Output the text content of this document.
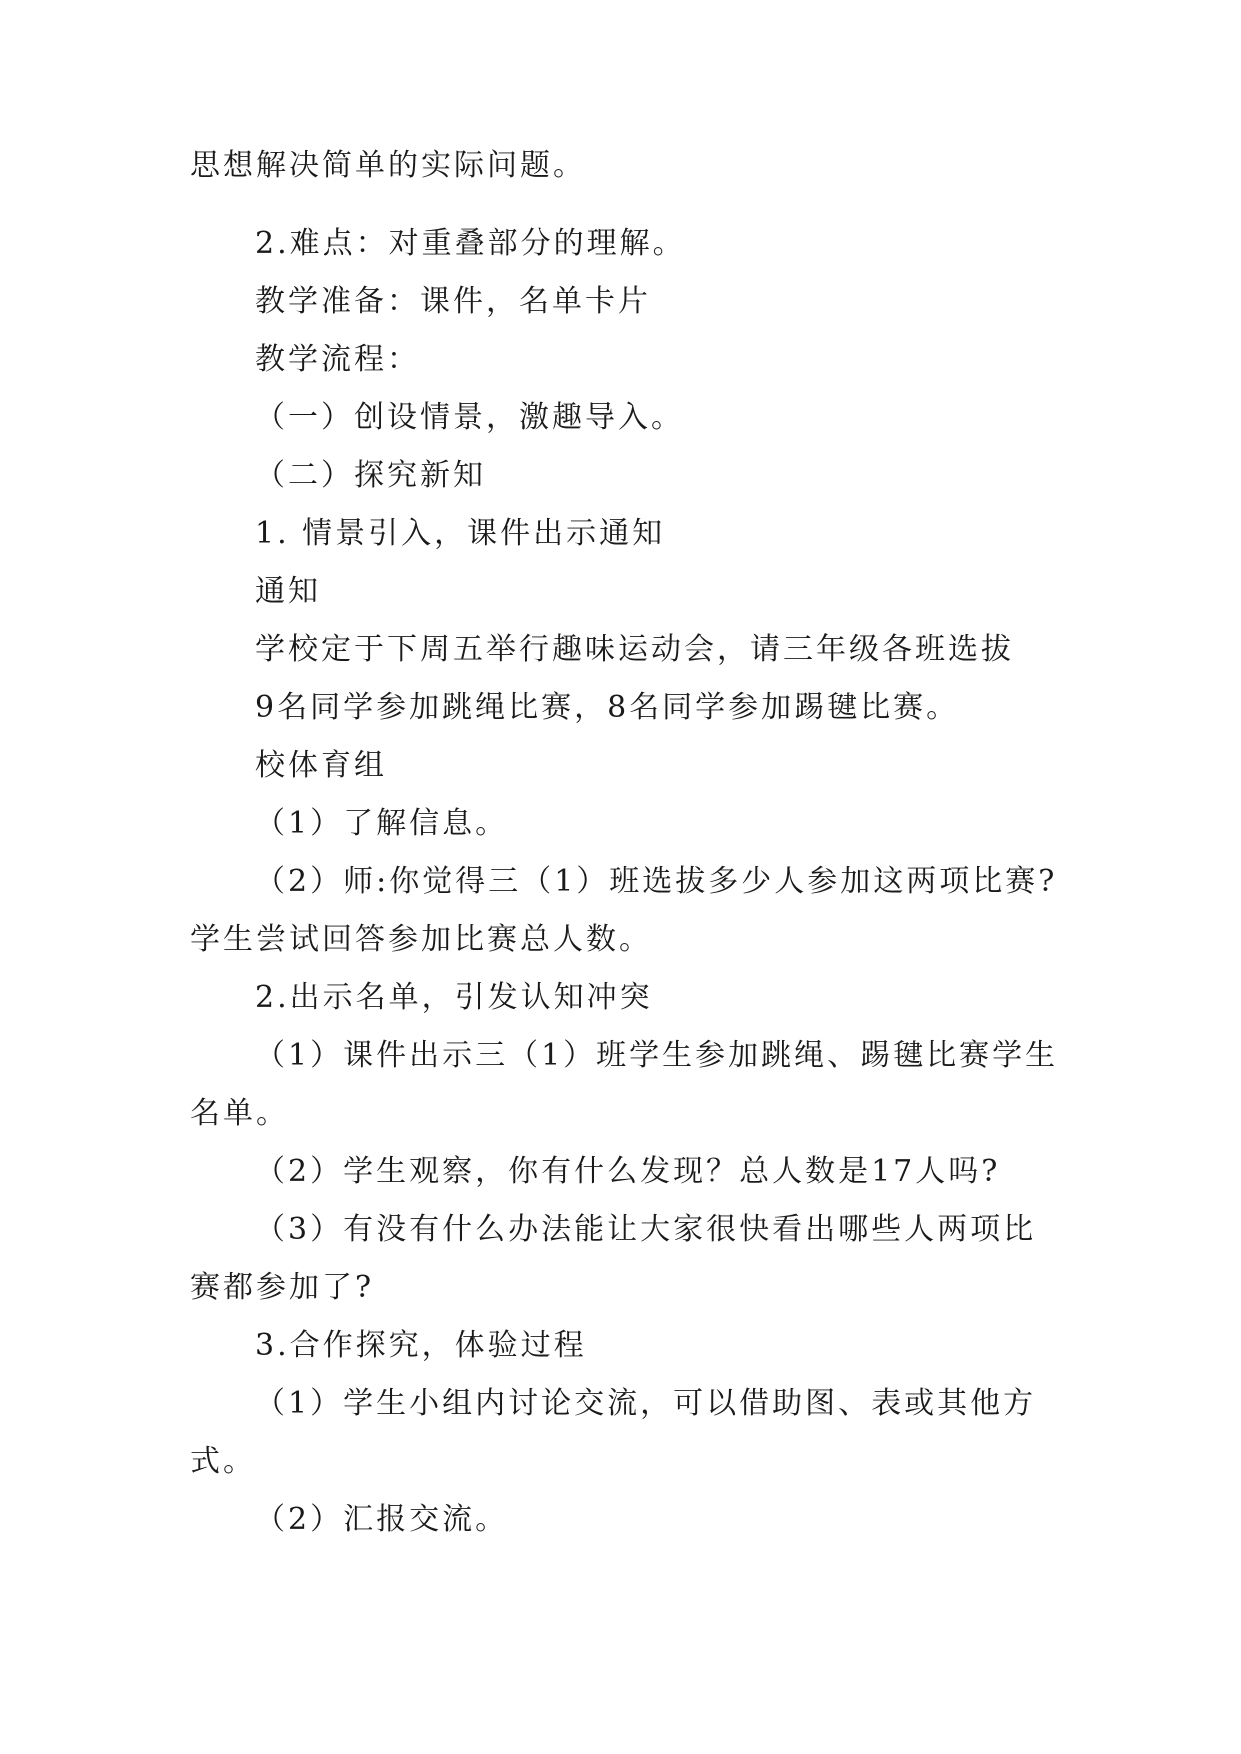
思想解决简单的实际问题。
2.难点：对重叠部分的理解。
教学准备：课件，名单卡片
教学流程：
（一）创设情景，激趣导入。
（二）探究新知
1. 情景引入，课件出示通知
通知
学校定于下周五举行趣味运动会，请三年级各班选拔
9名同学参加跳绳比赛，8名同学参加踢毽比赛。
校体育组
（1）了解信息。
（2）师:你觉得三（1）班选拔多少人参加这两项比赛?
学生尝试回答参加比赛总人数。
2.出示名单，引发认知冲突
（1）课件出示三（1）班学生参加跳绳、踢毽比赛学生
名单。
（2）学生观察，你有什么发现？总人数是17人吗?
（3）有没有什么办法能让大家很快看出哪些人两项比
赛都参加了?
3.合作探究，体验过程
（1）学生小组内讨论交流，可以借助图、表或其他方
式。
（2）汇报交流。
